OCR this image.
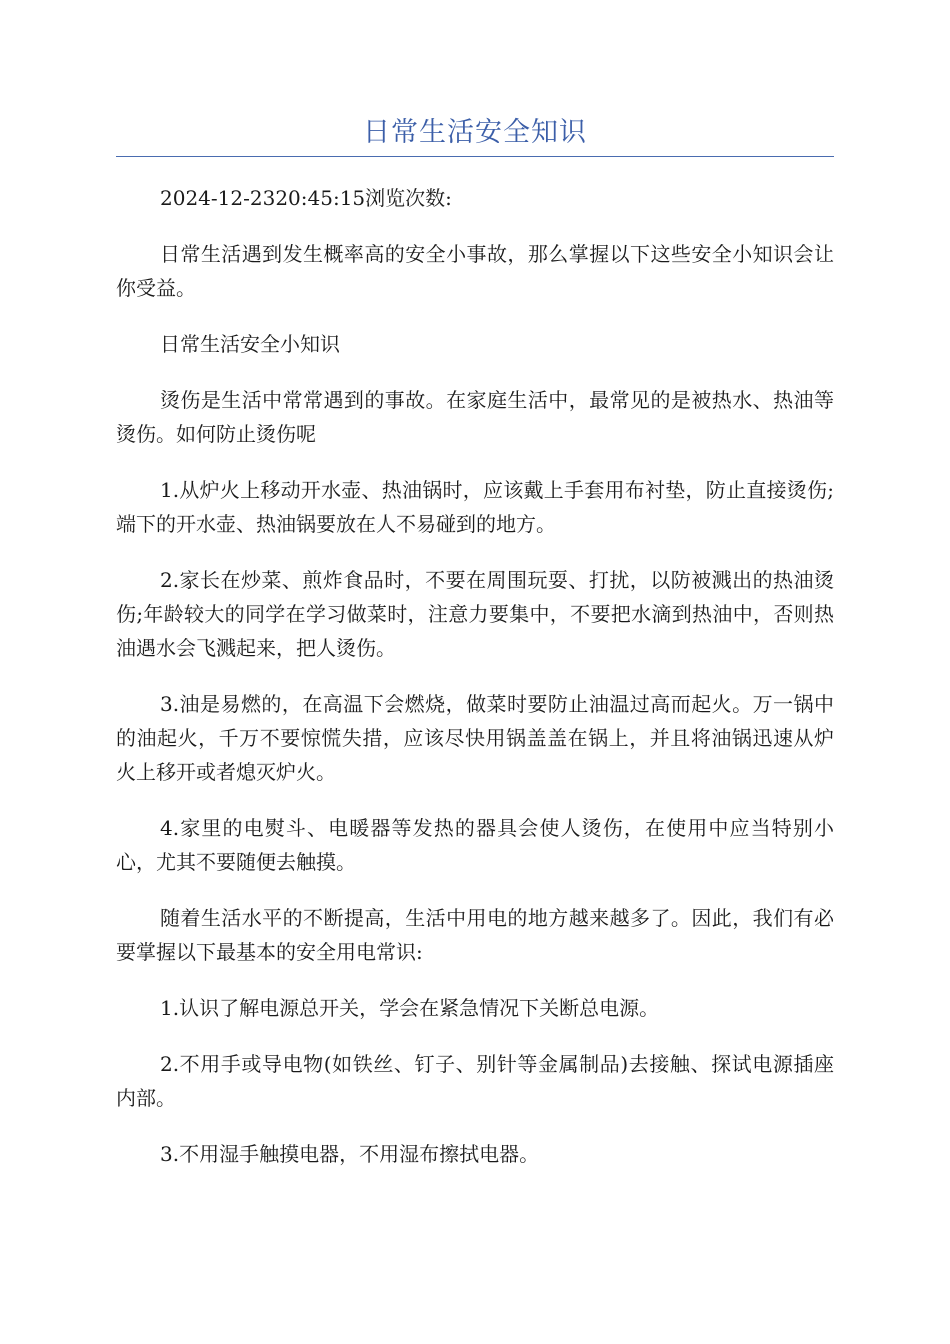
日常生活安全知识

2024-12-2320:45:15浏览次数:

日常生活遇到发生概率高的安全小事故，那么掌握以下这些安全小知识会让你受益。

日常生活安全小知识

烫伤是生活中常常遇到的事故。在家庭生活中，最常见的是被热水、热油等烫伤。如何防止烫伤呢

1.从炉火上移动开水壶、热油锅时，应该戴上手套用布衬垫，防止直接烫伤;端下的开水壶、热油锅要放在人不易碰到的地方。

2.家长在炒菜、煎炸食品时，不要在周围玩耍、打扰，以防被溅出的热油烫伤;年龄较大的同学在学习做菜时，注意力要集中，不要把水滴到热油中，否则热油遇水会飞溅起来，把人烫伤。

3.油是易燃的，在高温下会燃烧，做菜时要防止油温过高而起火。万一锅中的油起火，千万不要惊慌失措，应该尽快用锅盖盖在锅上，并且将油锅迅速从炉火上移开或者熄灭炉火。

4.家里的电熨斗、电暖器等发热的器具会使人烫伤，在使用中应当特别小心，尤其不要随便去触摸。

随着生活水平的不断提高，生活中用电的地方越来越多了。因此，我们有必要掌握以下最基本的安全用电常识:

1.认识了解电源总开关，学会在紧急情况下关断总电源。

2.不用手或导电物(如铁丝、钉子、别针等金属制品)去接触、探试电源插座内部。

3.不用湿手触摸电器，不用湿布擦拭电器。
